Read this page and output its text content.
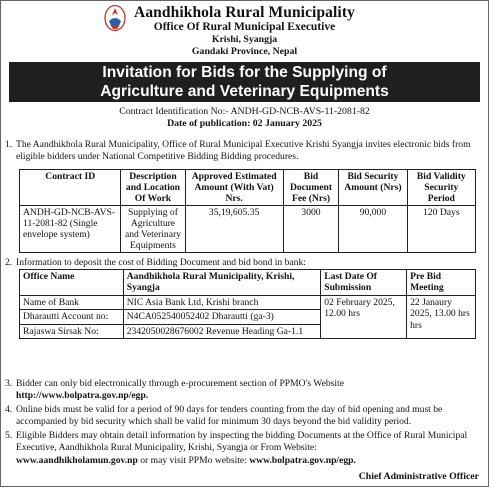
Aandhikhola Rural Municipality
Office Of Rural Municipal Executive
Krishi, Syangja
Gandaki Province, Nepal
Invitation for Bids for the Supplying of
Agriculture and Veterinary Equipments
Contract Identification No:- ANDH-GD-NCB-AVS-11-2081-82
Date of publication: 02 January 2025
1. The Aandhikhola Rural Municipality, Office of Rural Municipal Executive Krishi Syangja invites electronic bids from eligible bidders under National Competitive Bidding Bidding procedures.
Contract ID	Description and Location Of Work	Approved Estimated Amount (With Vat) Nrs.	Bid Document Fee (Nrs)	Bid Security Amount (Nrs)	Bid Validity Security Period
ANDH-GD-NCB-AVS-11-2081-82 (Single envelope system)	Supplying of Agriculture and Veterinary Equipments	35,19,605.35	3000	90,000	120 Days
2. Information to deposit the cost of Bidding Document and bid bond in bank:
Office Name	Aandhikhola Rural Municipality, Krishi, Syangja	Last Date Of Submission	Pre Bid Meeting
Name of Bank	NIC Asia Bank Ltd, Krishi branch	02 February 2025, 12.00 hrs	22 Janaury 2025, 13.00 hrs hrs
Dharautti Account no:	N4CA052540052402 Dharautti (ga-3)		
Rajaswa Sirsak No:	2342050028676002 Revenue Heading Ga-1.1		
3. Bidder can only bid electronically through e-procurement section of PPMO's Website
http://www.bolpatra.gov.np/egp.
4. Online bids must be valid for a period of 90 days for tenders counting from the day of bid opening and must be accompanied by bid security which shall be valid for minimum 30 days beyond the bid validity period.
5. Eligible Bidders may obtain detail information by inspecting the bidding Documents at the Office of Rural Municipal Executive, Aandhikhola Rural Municipality, Krishi, Syangja or From Website:
www.aandhikholamun.gov.np or may visit PPMo website: www.bolpatra.gov.np/egp.
Chief Administrative Officer
